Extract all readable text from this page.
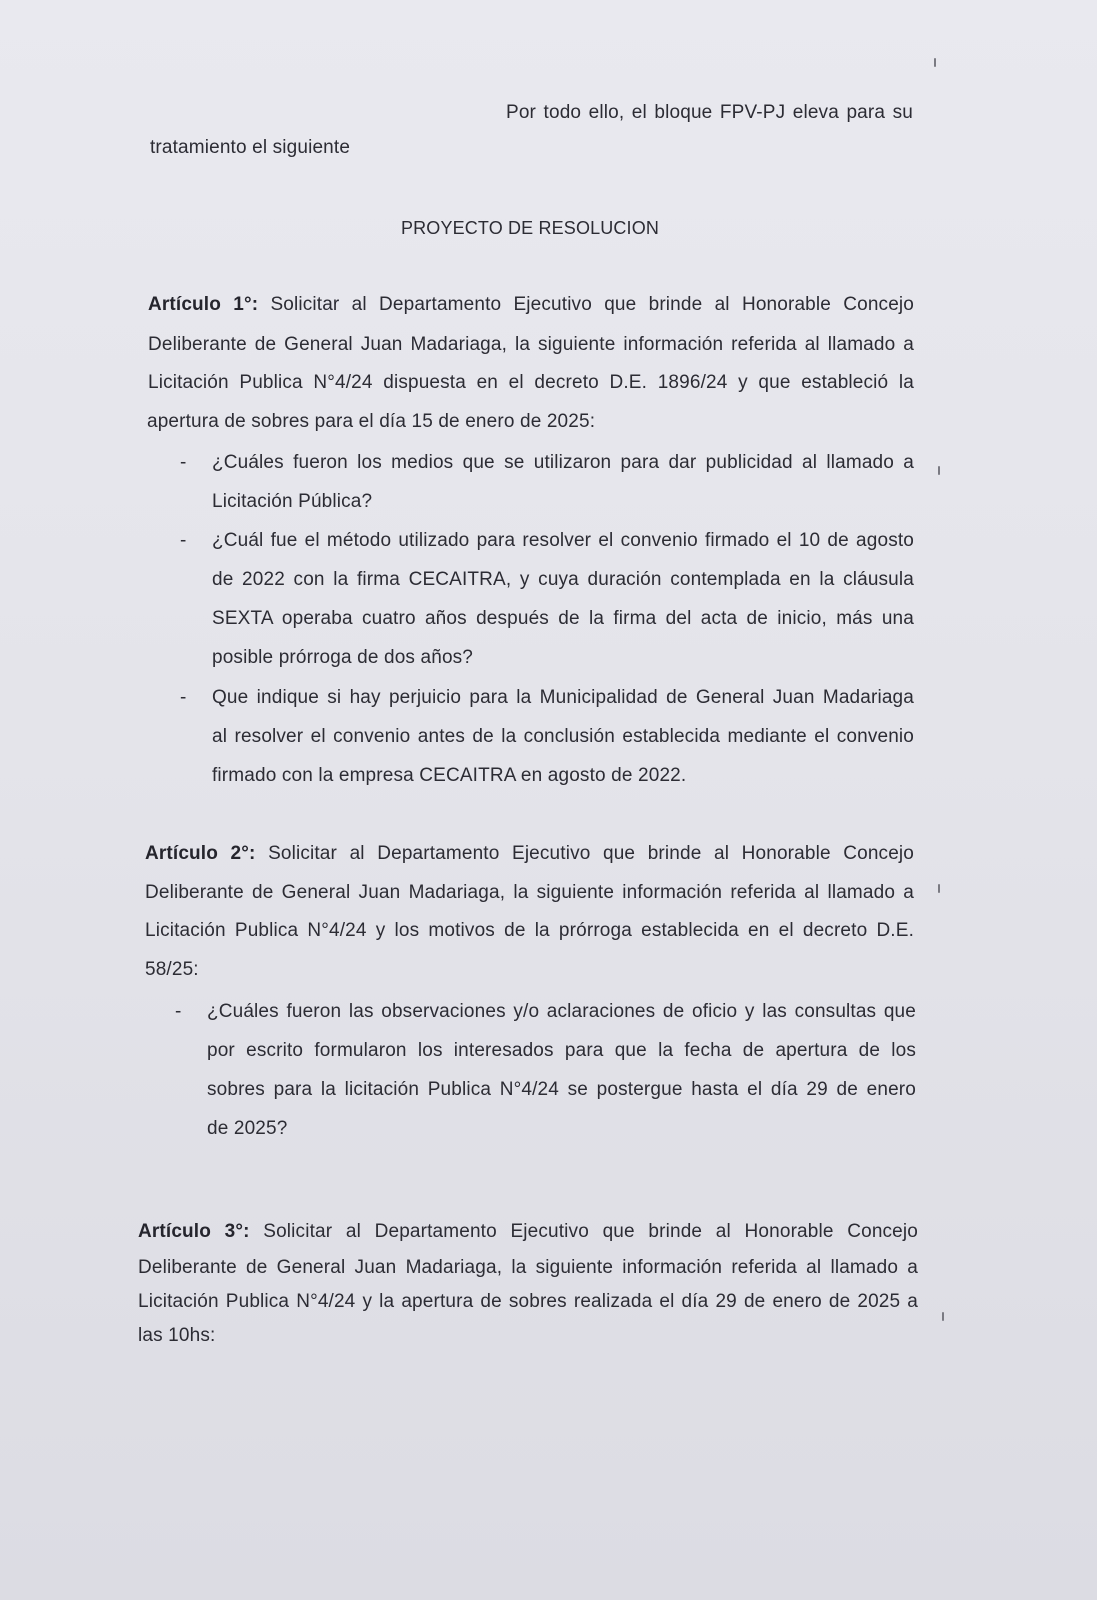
Por todo ello, el bloque FPV-PJ eleva para su
tratamiento el siguiente
PROYECTO DE RESOLUCION
Artículo 1°: Solicitar al Departamento Ejecutivo que brinde al Honorable Concejo
Deliberante de General Juan Madariaga, la siguiente información referida al llamado a
Licitación Publica N°4/24 dispuesta en el decreto D.E. 1896/24 y que estableció la
apertura de sobres para el día 15 de enero de 2025:
- ¿Cuáles fueron los medios que se utilizaron para dar publicidad al llamado a
Licitación Pública?
- ¿Cuál fue el método utilizado para resolver el convenio firmado el 10 de agosto
de 2022 con la firma CECAITRA, y cuya duración contemplada en la cláusula
SEXTA operaba cuatro años después de la firma del acta de inicio, más una
posible prórroga de dos años?
- Que indique si hay perjuicio para la Municipalidad de General Juan Madariaga
al resolver el convenio antes de la conclusión establecida mediante el convenio
firmado con la empresa CECAITRA en agosto de 2022.
Artículo 2°: Solicitar al Departamento Ejecutivo que brinde al Honorable Concejo
Deliberante de General Juan Madariaga, la siguiente información referida al llamado a
Licitación Publica N°4/24 y los motivos de la prórroga establecida en el decreto D.E.
58/25:
- ¿Cuáles fueron las observaciones y/o aclaraciones de oficio y las consultas que
por escrito formularon los interesados para que la fecha de apertura de los
sobres para la licitación Publica N°4/24 se postergue hasta el día 29 de enero
de 2025?
Artículo 3°: Solicitar al Departamento Ejecutivo que brinde al Honorable Concejo
Deliberante de General Juan Madariaga, la siguiente información referida al llamado a
Licitación Publica N°4/24 y la apertura de sobres realizada el día 29 de enero de 2025 a
las 10hs:
